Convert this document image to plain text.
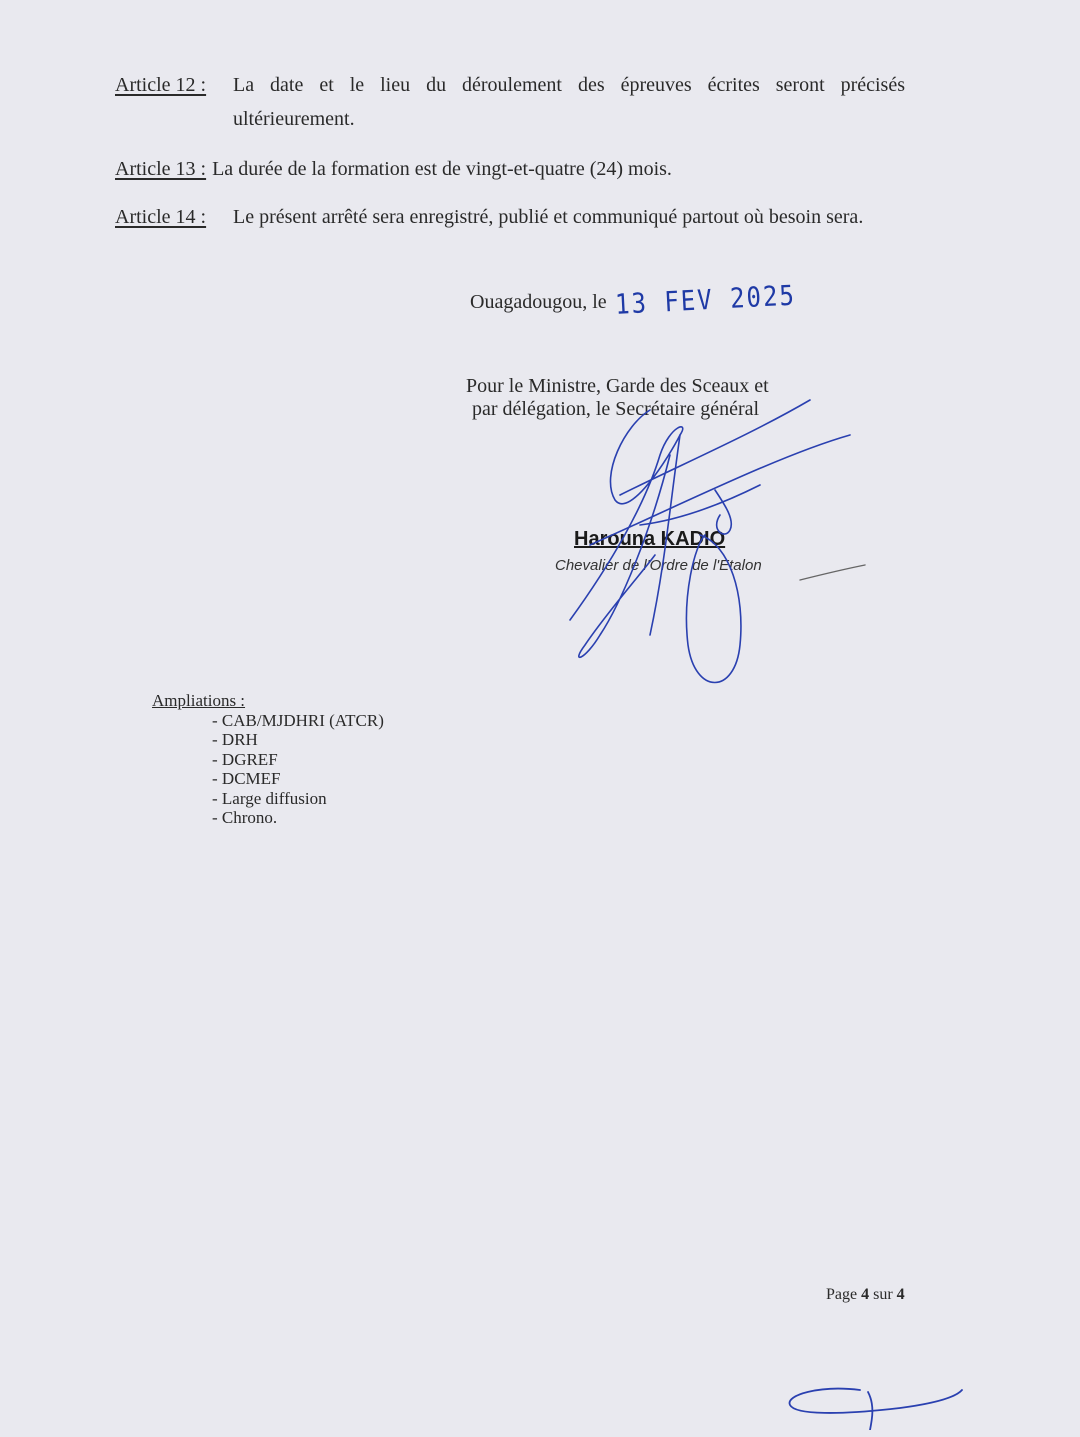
Article 12 : La date et le lieu du déroulement des épreuves écrites seront précisés ultérieurement.
Article 13 : La durée de la formation est de vingt-et-quatre (24) mois.
Article 14 : Le présent arrêté sera enregistré, publié et communiqué partout où besoin sera.
Ouagadougou, le 13 FEV 2025
Pour le Ministre, Garde des Sceaux et
par délégation, le Secrétaire général
Harouna KADIO
Chevalier de l'Ordre de l'Etalon
Ampliations :
- CAB/MJDHRI (ATCR)
- DRH
- DGREF
- DCMEF
- Large diffusion
- Chrono.
Page 4 sur 4
